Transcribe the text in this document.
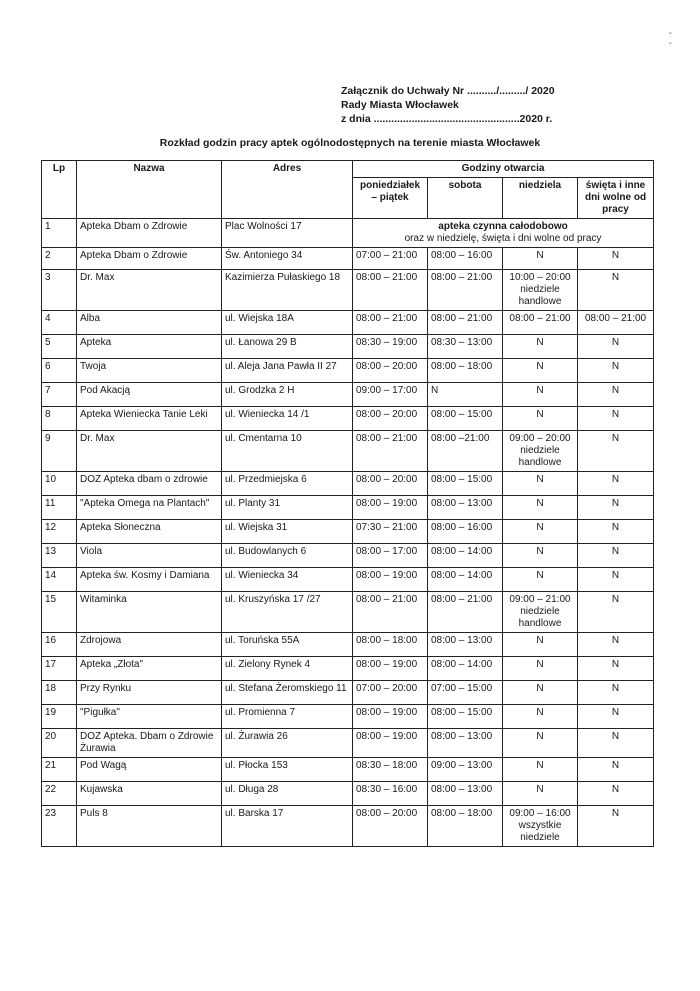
-
-
Załącznik do Uchwały Nr ........../........./ 2020
Rady Miasta Włocławek
z dnia ..................................................2020 r.
Rozkład godzin pracy aptek ogólnodostępnych na terenie miasta Włocławek
Lp	Nazwa	Adres	Godziny otwarcia			
			poniedziałek – piątek	sobota	niedziela	święta i inne dni wolne od pracy
1	Apteka Dbam o Zdrowie	Plac Wolności 17	apteka czynna całodobowo
oraz w niedzielę, święta i dni wolne od pracy			

2	Apteka Dbam o Zdrowie	Św. Antoniego 34	07:00 – 21:00	08:00 – 16:00	N	N
3	Dr. Max	Kazimierza Pułaskiego 18	08:00 – 21:00	08:00 – 21:00	10:00 – 20:00 niedziele handlowe	N
4	Alba	ul. Wiejska 18A	08:00 – 21:00	08:00 – 21:00	08:00 – 21:00	08:00 – 21:00
5	Apteka	ul. Łanowa 29 B	08:30 – 19:00	08:30 – 13:00	N	N
6	Twoja	ul. Aleja Jana Pawła II 27	08:00 – 20:00	08:00 – 18:00	N	N
7	Pod Akacją	ul. Grodzka 2 H	09:00 – 17:00	N	N	N
8	Apteka Wieniecka Tanie Leki	ul. Wieniecka 14 /1	08:00 – 20:00	08:00 – 15:00	N	N
9	Dr. Max	ul. Cmentarna 10	08:00 – 21:00	08:00 –21:00	09:00 – 20:00 niedziele handlowe	N
10	DOZ Apteka dbam o zdrowie	ul. Przedmiejska 6	08:00 – 20:00	08:00 – 15:00	N	N
11	"Apteka Omega na Plantach"	ul. Planty 31	08:00 – 19:00	08:00 – 13:00	N	N
12	Apteka Słoneczna	ul. Wiejska 31	07:30 – 21:00	08:00 – 16:00	N	N
13	Viola	ul. Budowlanych 6	08:00 – 17:00	08:00 – 14:00	N	N
14	Apteka św. Kosmy i Damiana	ul. Wieniecka 34	08:00 – 19:00	08:00 – 14:00	N	N
15	Witaminka	ul. Kruszyńska 17 /27	08:00 – 21:00	08:00 – 21:00	09:00 – 21:00 niedziele handlowe	N
16	Zdrojowa	ul. Toruńska 55A	08:00 – 18:00	08:00 – 13:00	N	N
17	Apteka „Złota"	ul. Zielony Rynek 4	08:00 – 19:00	08:00 – 14:00	N	N
18	Przy Rynku	ul. Stefana Żeromskiego 11	07:00 – 20:00	07:00 – 15:00	N	N
19	"Pigułka"	ul. Promienna 7	08:00 – 19:00	08:00 – 15:00	N	N
20	DOZ Apteka. Dbam o Zdrowie Żurawia	ul. Żurawia 26	08:00 – 19:00	08:00 – 13:00	N	N
21	Pod Wagą	ul. Płocka 153	08:30 – 18:00	09:00 – 13:00	N	N
22	Kujawska	ul. Długa 28	08:30 – 16:00	08:00 – 13:00	N	N
23	Puls 8	ul. Barska 17	08:00 – 20:00	08:00 – 18:00	09:00 – 16:00 wszystkie niedziele	N
